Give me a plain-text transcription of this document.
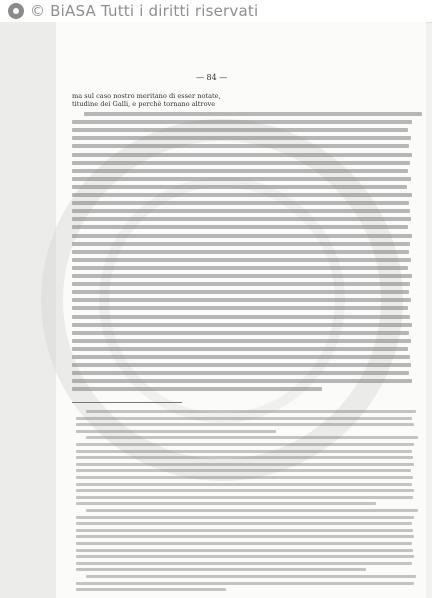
© BiASA Tutti i diritti riservati
— 84 —
ma sul caso nostro meritano di esser notate,
titudine dei Galli, e perchè tornano altrove
